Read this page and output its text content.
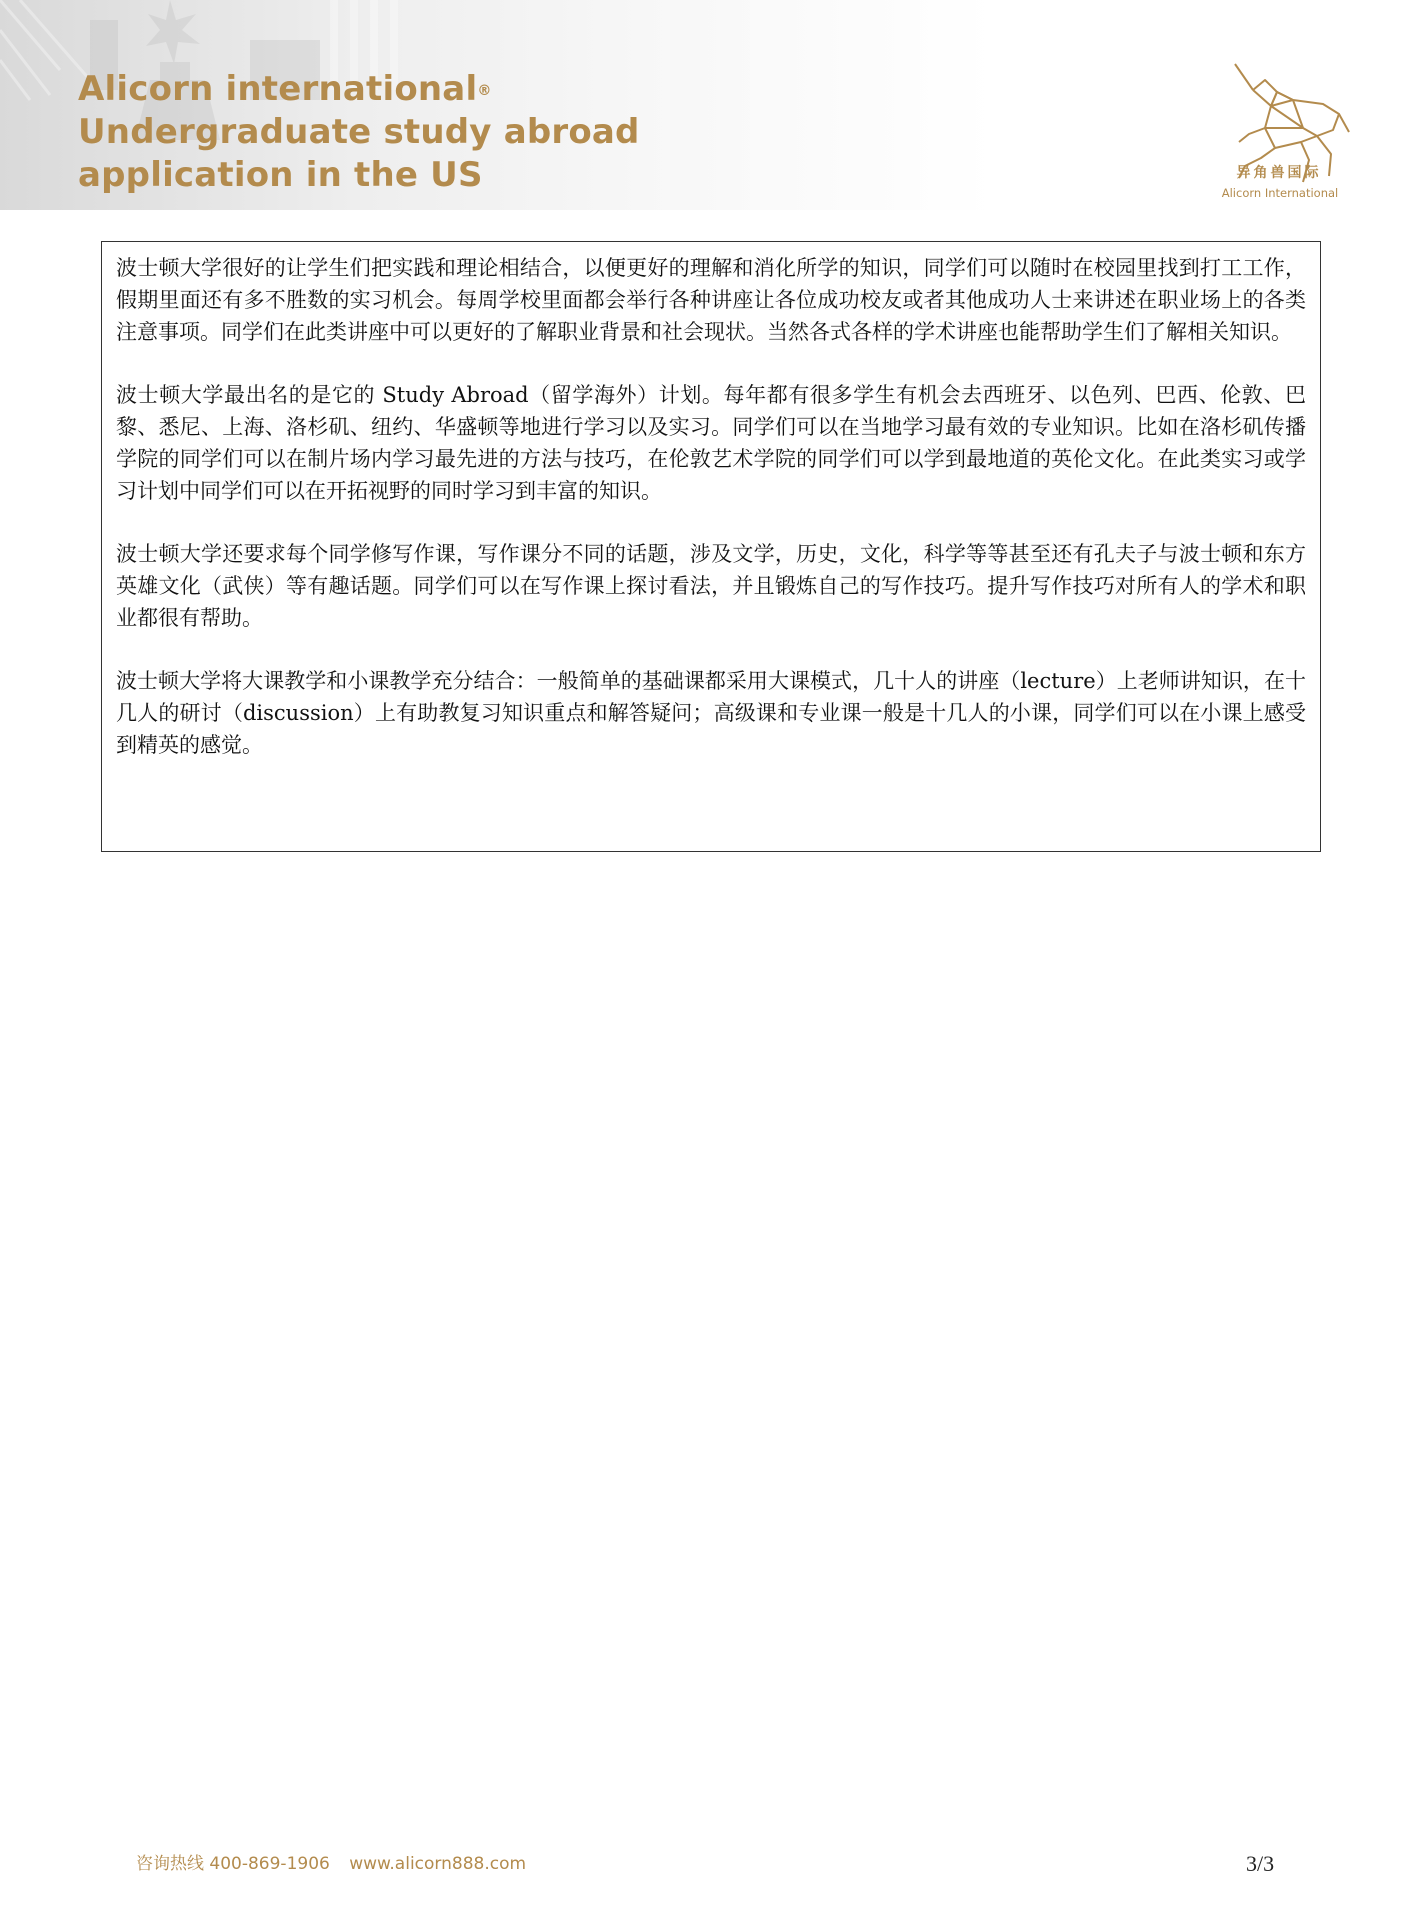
Alicorn international®
Undergraduate study abroad
application in the US	异角兽国际
Alicorn International

波士顿大学很好的让学生们把实践和理论相结合，以便更好的理解和消化所学的知识，同学们可以随时在校园里找到打工工作，假期里面还有多不胜数的实习机会。每周学校里面都会举行各种讲座让各位成功校友或者其他成功人士来讲述在职业场上的各类注意事项。同学们在此类讲座中可以更好的了解职业背景和社会现状。当然各式各样的学术讲座也能帮助学生们了解相关知识。

波士顿大学最出名的是它的 Study Abroad（留学海外）计划。每年都有很多学生有机会去西班牙、以色列、巴西、伦敦、巴黎、悉尼、上海、洛杉矶、纽约、华盛顿等地进行学习以及实习。同学们可以在当地学习最有效的专业知识。比如在洛杉矶传播学院的同学们可以在制片场内学习最先进的方法与技巧，在伦敦艺术学院的同学们可以学到最地道的英伦文化。在此类实习或学习计划中同学们可以在开拓视野的同时学习到丰富的知识。

波士顿大学还要求每个同学修写作课，写作课分不同的话题，涉及文学，历史，文化，科学等等甚至还有孔夫子与波士顿和东方英雄文化（武侠）等有趣话题。同学们可以在写作课上探讨看法，并且锻炼自己的写作技巧。提升写作技巧对所有人的学术和职业都很有帮助。

波士顿大学将大课教学和小课教学充分结合：一般简单的基础课都采用大课模式，几十人的讲座（lecture）上老师讲知识，在十几人的研讨（discussion）上有助教复习知识重点和解答疑问；高级课和专业课一般是十几人的小课，同学们可以在小课上感受到精英的感觉。

咨询热线 400-869-1906 www.alicorn888.com	3/3
